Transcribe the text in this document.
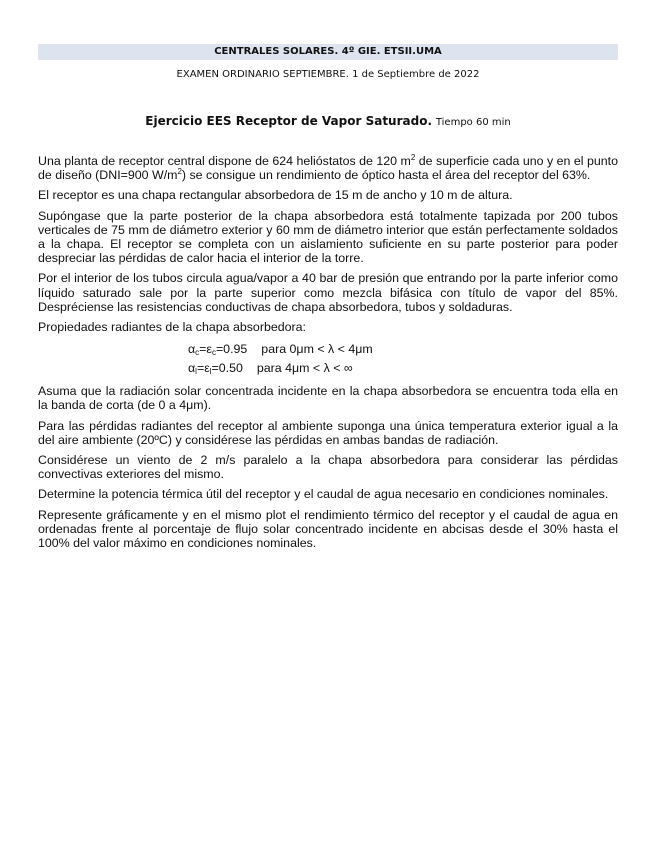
CENTRALES SOLARES. 4º GIE. ETSII.UMA
EXAMEN ORDINARIO SEPTIEMBRE. 1 de Septiembre de 2022
Ejercicio EES Receptor de Vapor Saturado. Tiempo 60 min

Una planta de receptor central dispone de 624 helióstatos de 120 $m^2$ de superficie cada uno y en el punto de diseño (DNI=900 $W/m^2$) se consigue un rendimiento de óptico hasta el área del receptor del 63%.

El receptor es una chapa rectangular absorbedora de 15 m de ancho y 10 m de altura.

Supóngase que la parte posterior de la chapa absorbedora está totalmente tapizada por 200 tubos verticales de 75 mm de diámetro exterior y 60 mm de diámetro interior que están perfectamente soldados a la chapa. El receptor se completa con un aislamiento suficiente en su parte posterior para poder despreciar las pérdidas de calor hacia el interior de la torre.

Por el interior de los tubos circula agua/vapor a 40 bar de presión que entrando por la parte inferior como líquido saturado sale por la parte superior como mezcla bifásica con título de vapor del 85%. Despréciense las resistencias conductivas de chapa absorbedora, tubos y soldaduras.

Propiedades radiantes de la chapa absorbedora:

$\alpha_c=\varepsilon_c=0.95$ para 0μm < λ < 4μm
$\alpha_l=\varepsilon_l=0.50$ para 4μm < λ < ∞

Asuma que la radiación solar concentrada incidente en la chapa absorbedora se encuentra toda ella en la banda de corta (de 0 a 4μm).

Para las pérdidas radiantes del receptor al ambiente suponga una única temperatura exterior igual a la del aire ambiente (20ºC) y considérese las pérdidas en ambas bandas de radiación.

Considérese un viento de 2 m/s paralelo a la chapa absorbedora para considerar las pérdidas convectivas exteriores del mismo.

Determine la potencia térmica útil del receptor y el caudal de agua necesario en condiciones nominales.

Represente gráficamente y en el mismo plot el rendimiento térmico del receptor y el caudal de agua en ordenadas frente al porcentaje de flujo solar concentrado incidente en abcisas desde el 30% hasta el 100% del valor máximo en condiciones nominales.
